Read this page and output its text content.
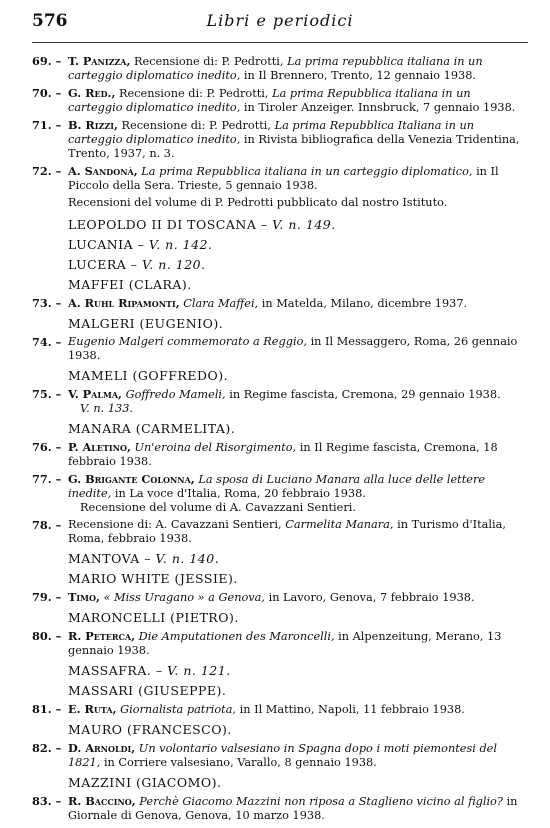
576	Libri e periodici
69. – T. Panizza, Recensione di: P. Pedrotti, La prima repubblica italiana in un carteggio diplomatico inedito, in Il Brennero, Trento, 12 gennaio 1938.
70. – G. Red., Recensione di: P. Pedrotti, La prima Repubblica italiana in un carteggio diplomatico inedito, in Tiroler Anzeiger. Innsbruck, 7 gennaio 1938.
71. – B. Rizzi, Recensione di: P. Pedrotti, La prima Repubblica Italiana in un carteggio diplomatico inedito, in Rivista bibliografica della Venezia Tridentina, Trento, 1937, n. 3.
72. – A. Sandonà, La prima Repubblica italiana in un carteggio diplomatico, in Il Piccolo della Sera. Trieste, 5 gennaio 1938.
Recensioni del volume di P. Pedrotti pubblicato dal nostro Istituto.
LEOPOLDO II DI TOSCANA – V. n. 149.
LUCANIA – V. n. 142.
LUCERA – V. n. 120.
MAFFEI (CLARA).
73. – A. Ruhl Ripamonti, Clara Maffei, in Matelda, Milano, dicembre 1937.
MALGERI (EUGENIO).
74. – Eugenio Malgeri commemorato a Reggio, in Il Messaggero, Roma, 26 gennaio 1938.
MAMELI (GOFFREDO).
75. – V. Palma, Goffredo Mameli, in Regime fascista, Cremona, 29 gennaio 1938.
V. n. 133.
MANARA (CARMELITA).
76. – P. Aletino, Un'eroina del Risorgimento, in Il Regime fascista, Cremona, 18 febbraio 1938.
77. – G. Brigante Colonna, La sposa di Luciano Manara alla luce delle lettere inedite, in La voce d'Italia, Roma, 20 febbraio 1938.
Recensione del volume di A. Cavazzani Sentieri.
78. – Recensione di: A. Cavazzani Sentieri, Carmelita Manara, in Turismo d'Italia, Roma, febbraio 1938.
MANTOVA – V. n. 140.
MARIO WHITE (JESSIE).
79. – Timo, « Miss Uragano » a Genova, in Lavoro, Genova, 7 febbraio 1938.
MARONCELLI (PIETRO).
80. – R. Peterca, Die Amputationen des Maroncelli, in Alpenzeitung, Merano, 13 gennaio 1938.
MASSAFRA. – V. n. 121.
MASSARI (GIUSEPPE).
81. – E. Ruta, Giornalista patriota, in Il Mattino, Napoli, 11 febbraio 1938.
MAURO (FRANCESCO).
82. – D. Arnoldi, Un volontario valsesiano in Spagna dopo i moti piemontesi del 1821, in Corriere valsesiano, Varallo, 8 gennaio 1938.
MAZZINI (GIACOMO).
83. – R. Baccino, Perchè Giacomo Mazzini non riposa a Staglieno vicino al figlio? in Giornale di Genova, Genova, 10 marzo 1938.
